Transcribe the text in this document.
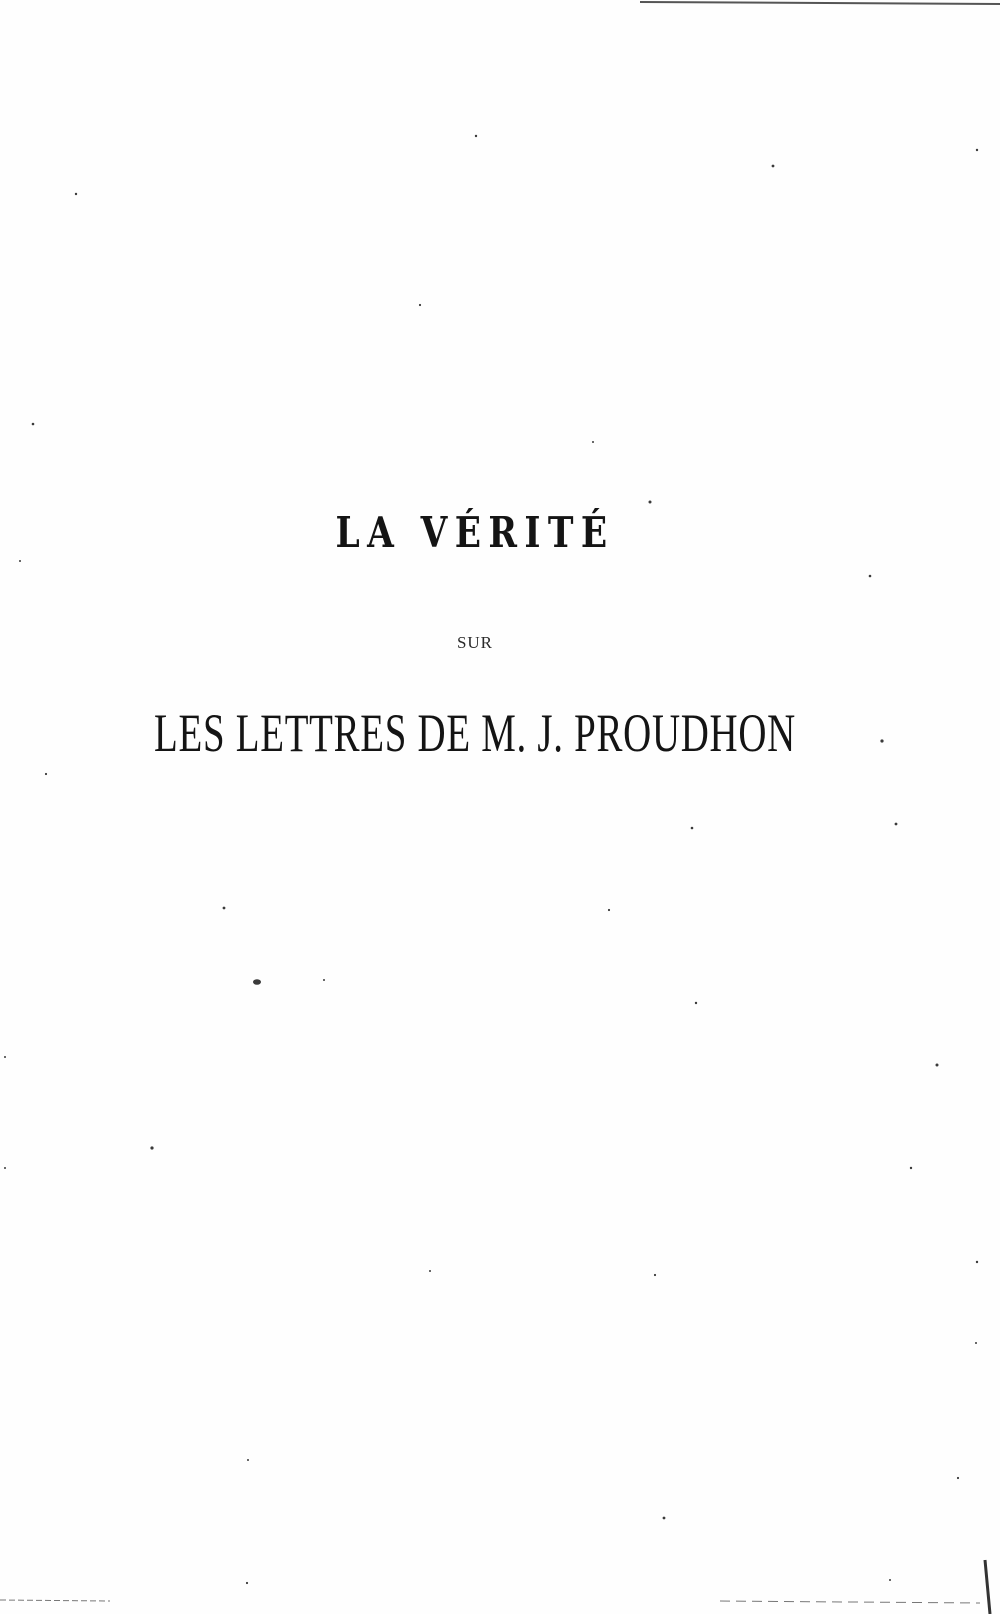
LA VÉRITÉ
SUR
LES LETTRES DE M. J. PROUDHON
